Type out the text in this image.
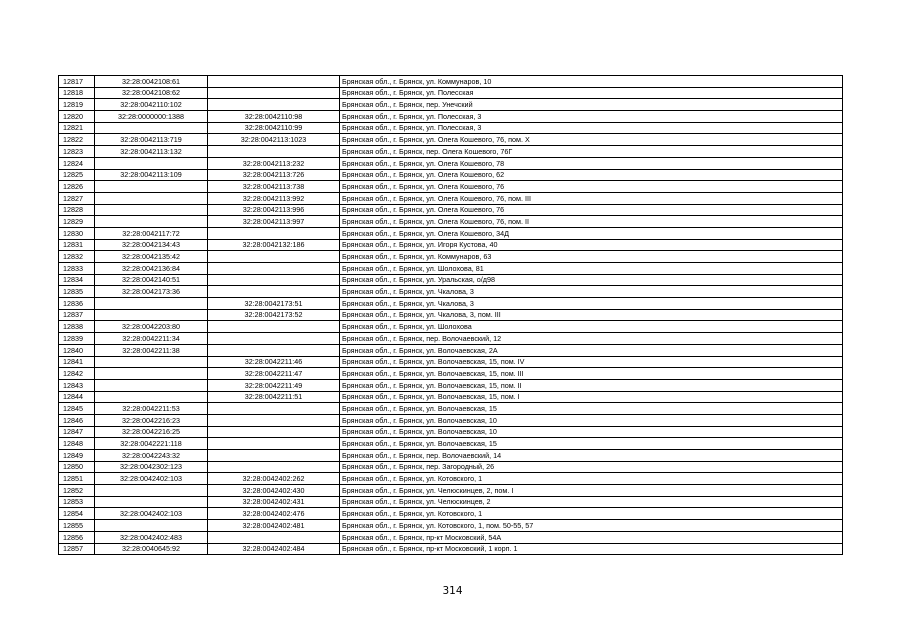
12817	32:28:0042108:61		Брянская обл., г. Брянск, ул. Коммунаров, 10
12818	32:28:0042108:62		Брянская обл., г. Брянск, ул. Полесская
12819	32:28:0042110:102		Брянская обл., г. Брянск, пер. Унечский
12820	32:28:0000000:1388	32:28:0042110:98	Брянская обл., г. Брянск, ул. Полесская, 3
12821		32:28:0042110:99	Брянская обл., г. Брянск, ул. Полесская, 3
12822	32:28:0042113:719	32:28:0042113:1023	Брянская обл., г. Брянск, ул. Олега Кошевого, 76, пом. X
12823	32:28:0042113:132		Брянская обл., г. Брянск, пер. Олега Кошевого, 76Г
12824		32:28:0042113:232	Брянская обл., г. Брянск, ул. Олега Кошевого, 78
12825	32:28:0042113:109	32:28:0042113:726	Брянская обл., г. Брянск, ул. Олега Кошевого, 62
12826		32:28:0042113:738	Брянская обл., г. Брянск, ул. Олега Кошевого, 76
12827		32:28:0042113:992	Брянская обл., г. Брянск, ул. Олега Кошевого, 76, пом. III
12828		32:28:0042113:996	Брянская обл., г. Брянск, ул. Олега Кошевого, 76
12829		32:28:0042113:997	Брянская обл., г. Брянск, ул. Олега Кошевого, 76, пом. II
12830	32:28:0042117:72		Брянская обл., г. Брянск, ул. Олега Кошевого, 34Д
12831	32:28:0042134:43	32:28:0042132:186	Брянская обл., г. Брянск, ул. Игоря Кустова, 40
12832	32:28:0042135:42		Брянская обл., г. Брянск, ул. Коммунаров, 63
12833	32:28:0042136:84		Брянская обл., г. Брянск, ул. Шолохова, 81
12834	32:28:0042140:51		Брянская обл., г. Брянск, ул. Уральская, о/д98
12835	32:28:0042173:36		Брянская обл., г. Брянск, ул. Чкалова, 3
12836		32:28:0042173:51	Брянская обл., г. Брянск, ул. Чкалова, 3
12837		32:28:0042173:52	Брянская обл., г. Брянск, ул. Чкалова, 3, пом. III
12838	32:28:0042203:80		Брянская обл., г. Брянск, ул. Шолохова
12839	32:28:0042211:34		Брянская обл., г. Брянск, пер. Волочаевский, 12
12840	32:28:0042211:38		Брянская обл., г. Брянск, ул. Волочаевская, 2А
12841		32:28:0042211:46	Брянская обл., г. Брянск, ул. Волочаевская, 15, пом. IV
12842		32:28:0042211:47	Брянская обл., г. Брянск, ул. Волочаевская, 15, пом. III
12843		32:28:0042211:49	Брянская обл., г. Брянск, ул. Волочаевская, 15, пом. II
12844		32:28:0042211:51	Брянская обл., г. Брянск, ул. Волочаевская, 15, пом. I
12845	32:28:0042211:53		Брянская обл., г. Брянск, ул. Волочаевская, 15
12846	32:28:0042216:23		Брянская обл., г. Брянск, ул. Волочаевская, 10
12847	32:28:0042216:25		Брянская обл., г. Брянск, ул. Волочаевская, 10
12848	32:28:0042221:118		Брянская обл., г. Брянск, ул. Волочаевская, 15
12849	32:28:0042243:32		Брянская обл., г. Брянск, пер. Волочаевский, 14
12850	32:28:0042302:123		Брянская обл., г. Брянск, пер. Загородный, 26
12851	32:28:0042402:103	32:28:0042402:262	Брянская обл., г. Брянск, ул. Котовского, 1
12852		32:28:0042402:430	Брянская обл., г. Брянск, ул. Челюскинцев, 2, пом. I
12853		32:28:0042402:431	Брянская обл., г. Брянск, ул. Челюскинцев, 2
12854	32:28:0042402:103	32:28:0042402:476	Брянская обл., г. Брянск, ул. Котовского, 1
12855		32:28:0042402:481	Брянская обл., г. Брянск, ул. Котовского, 1, пом. 50-55, 57
12856	32:28:0042402:483		Брянская обл., г. Брянск, пр-кт Московский, 54А
12857	32:28:0040645:92	32:28:0042402:484	Брянская обл., г. Брянск, пр-кт Московский, 1 корп. 1
314
